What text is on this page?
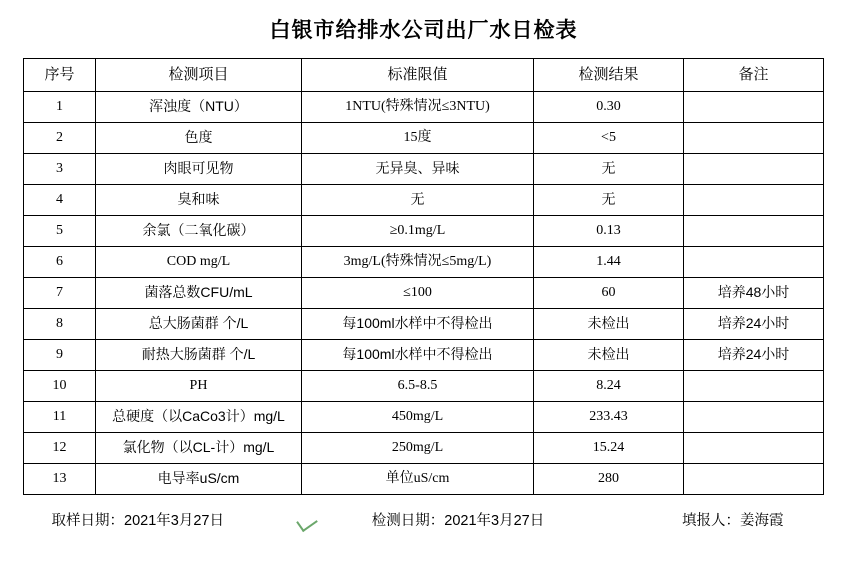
白银市给排水公司出厂水日检表
序号	检测项目	标准限值	检测结果	备注
1	浑浊度（NTU）	1NTU(特殊情况≤3NTU)	0.30	
2	色度	15度	<5	
3	肉眼可见物	无异臭、异味	无	
4	臭和味	无	无	
5	余氯（二氧化碳）	≥0.1mg/L	0.13	
6	COD mg/L	3mg/L(特殊情况≤5mg/L)	1.44	
7	菌落总数CFU/mL	≤100	60	培养48小时
8	总大肠菌群 个/L	每100ml水样中不得检出	未检出	培养24小时
9	耐热大肠菌群 个/L	每100ml水样中不得检出	未检出	培养24小时
10	PH	6.5-8.5	8.24	
11	总硬度（以CaCo3计）mg/L	450mg/L	233.43	
12	氯化物（以CL-计）mg/L	250mg/L	15.24	
13	电导率uS/cm	单位uS/cm	280	
取样日期：2021年3月27日	检测日期：2021年3月27日	填报人：姜海霞
